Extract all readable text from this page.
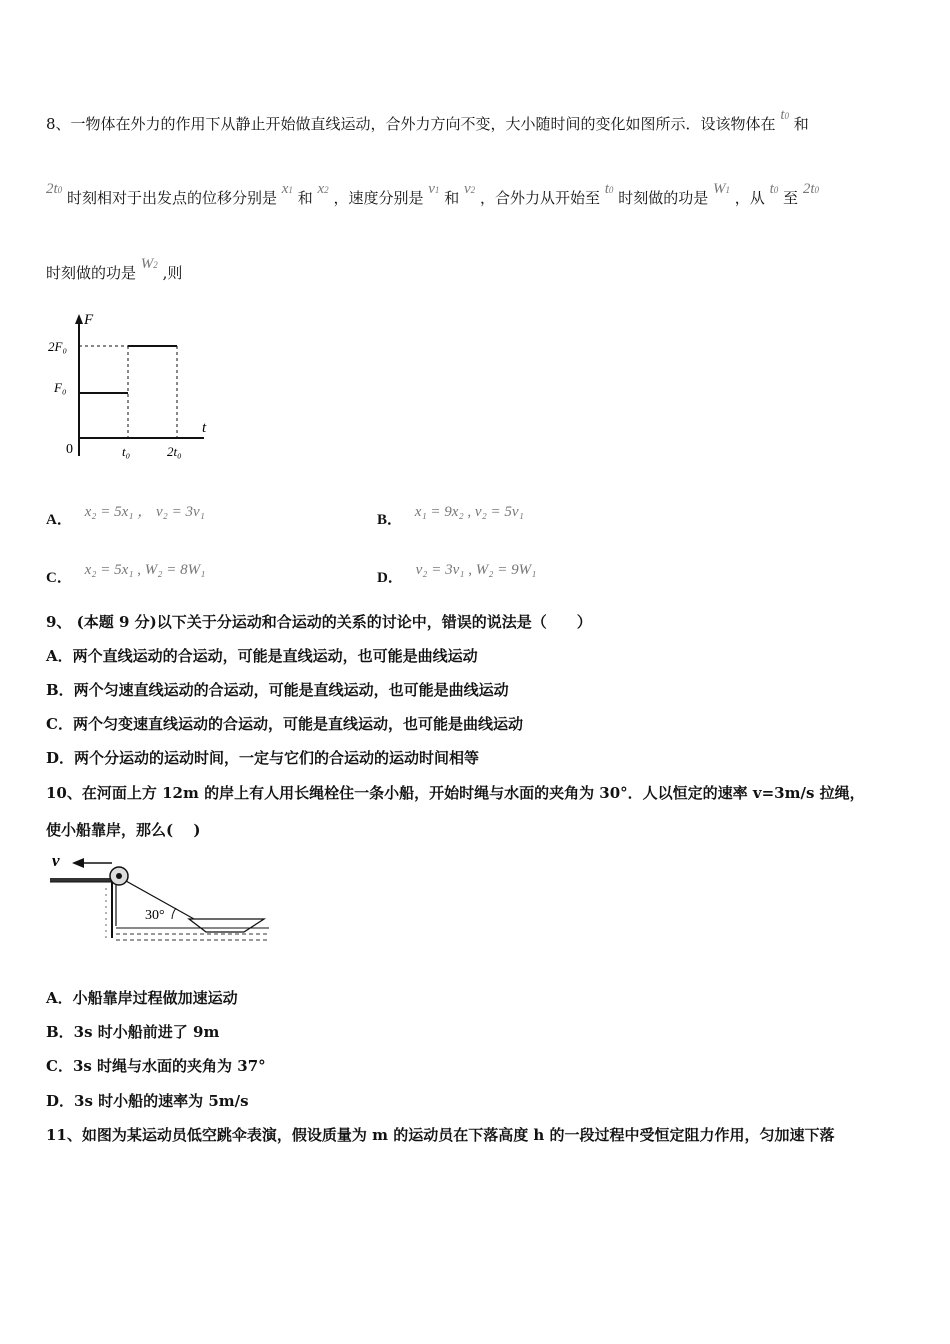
8、一物体在外力的作用下从静止开始做直线运动，合外力方向不变，大小随时间的变化如图所示．设该物体在 t0 和
2t0 时刻相对于出发点的位移分别是 x1 和 x2 ，速度分别是 v1 和 v2 ，合外力从开始至 t0 时刻做的功是 W1 ，从 t0 至 2t0
时刻做的功是 W2 ,则
F
t
0
2F₀
F₀
t₀	2t₀
A． x₂ = 5x₁ ， v₂ = 3v₁	B． x₁ = 9x₂ , v₂ = 5v₁
C． x₂ = 5x₁ , W₂ = 8W₁	D． v₂ = 3v₁ , W₂ = 9W₁
9、 (本题 9 分)以下关于分运动和合运动的关系的讨论中，错误的说法是（　　）
A．两个直线运动的合运动，可能是直线运动，也可能是曲线运动
B．两个匀速直线运动的合运动，可能是直线运动，也可能是曲线运动
C．两个匀变速直线运动的合运动，可能是直线运动，也可能是曲线运动
D．两个分运动的运动时间，一定与它们的合运动的运动时间相等
10、在河面上方 12m 的岸上有人用长绳栓住一条小船，开始时绳与水面的夹角为 30°．人以恒定的速率 v=3m/s 拉绳，
使小船靠岸，那么(　 )
v
30°
A．小船靠岸过程做加速运动
B．3s 时小船前进了 9m
C．3s 时绳与水面的夹角为 37°
D．3s 时小船的速率为 5m/s
11、如图为某运动员低空跳伞表演，假设质量为 m 的运动员在下落高度 h 的一段过程中受恒定阻力作用，匀加速下落
